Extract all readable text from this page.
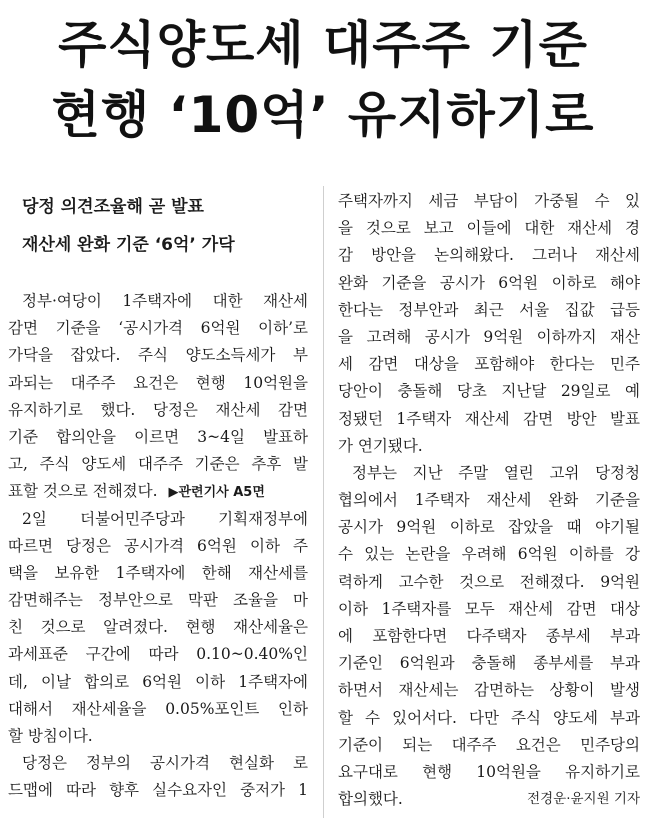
주식양도세 대주주 기준
현행 ‘10억’ 유지하기로
당정 의견조율해 곧 발표
재산세 완화 기준 ‘6억’ 가닥
정부·여당이 1주택자에 대한 재산세
감면 기준을 ‘공시가격 6억원 이하’로
가닥을 잡았다. 주식 양도소득세가 부
과되는 대주주 요건은 현행 10억원을
유지하기로 했다. 당정은 재산세 감면
기준 합의안을 이르면 3~4일 발표하
고, 주식 양도세 대주주 기준은 추후 발
표할 것으로 전해졌다. ▶관련기사 A5면
2일 더불어민주당과 기획재정부에
따르면 당정은 공시가격 6억원 이하 주
택을 보유한 1주택자에 한해 재산세를
감면해주는 정부안으로 막판 조율을 마
친 것으로 알려졌다. 현행 재산세율은
과세표준 구간에 따라 0.10~0.40%인
데, 이날 합의로 6억원 이하 1주택자에
대해서 재산세율을 0.05%포인트 인하
할 방침이다.
당정은 정부의 공시가격 현실화 로
드맵에 따라 향후 실수요자인 중저가 1
주택자까지 세금 부담이 가중될 수 있
을 것으로 보고 이들에 대한 재산세 경
감 방안을 논의해왔다. 그러나 재산세
완화 기준을 공시가 6억원 이하로 해야
한다는 정부안과 최근 서울 집값 급등
을 고려해 공시가 9억원 이하까지 재산
세 감면 대상을 포함해야 한다는 민주
당안이 충돌해 당초 지난달 29일로 예
정됐던 1주택자 재산세 감면 방안 발표
가 연기됐다.
정부는 지난 주말 열린 고위 당정청
협의에서 1주택자 재산세 완화 기준을
공시가 9억원 이하로 잡았을 때 야기될
수 있는 논란을 우려해 6억원 이하를 강
력하게 고수한 것으로 전해졌다. 9억원
이하 1주택자를 모두 재산세 감면 대상
에 포함한다면 다주택자 종부세 부과
기준인 6억원과 충돌해 종부세를 부과
하면서 재산세는 감면하는 상황이 발생
할 수 있어서다. 다만 주식 양도세 부과
기준이 되는 대주주 요건은 민주당의
요구대로 현행 10억원을 유지하기로
합의했다.	전경운·윤지원 기자
